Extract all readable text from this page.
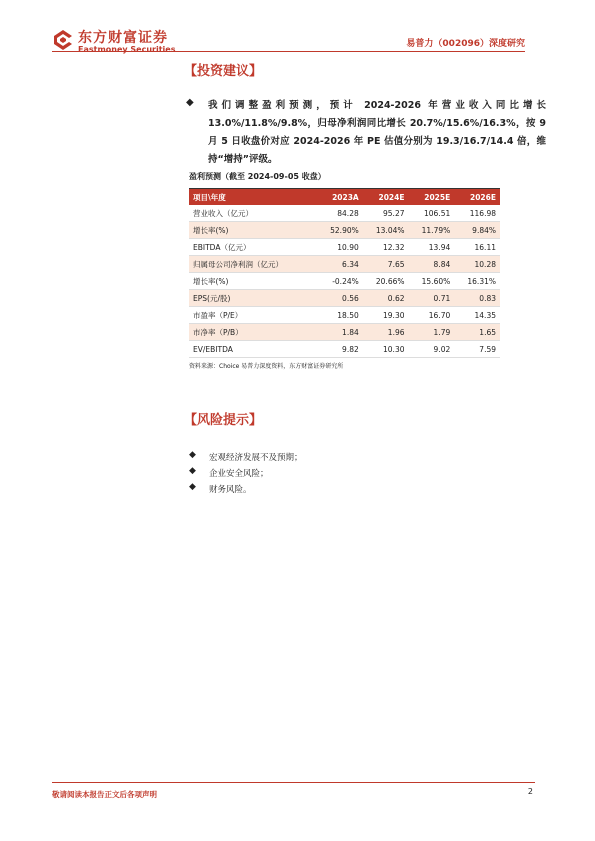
东方财富证券
Eastmoney Securities
易普力（002096）深度研究
【投资建议】
◆ 我们调整盈利预测，预计 2024-2026 年营业收入同比增长13.0%/11.8%/9.8%，归母净利润同比增长 20.7%/15.6%/16.3%，按 9 月 5 日收盘价对应 2024-2026 年 PE 估值分别为 19.3/16.7/14.4 倍，维持“增持”评级。
盈利预测（截至 2024-09-05 收盘）
项目\年度	2023A	2024E	2025E	2026E
营业收入（亿元）	84.28	95.27	106.51	116.98
增长率(%)	52.90%	13.04%	11.79%	9.84%
EBITDA（亿元）	10.90	12.32	13.94	16.11
归属母公司净利润（亿元）	6.34	7.65	8.84	10.28
增长率(%)	-0.24%	20.66%	15.60%	16.31%
EPS(元/股)	0.56	0.62	0.71	0.83
市盈率（P/E）	18.50	19.30	16.70	14.35
市净率（P/B）	1.84	1.96	1.79	1.65
EV/EBITDA	9.82	10.30	9.02	7.59
资料来源：Choice 易普力深度资料，东方财富证券研究所
【风险提示】
◆ 宏观经济发展不及预期；
◆ 企业安全风险；
◆ 财务风险。
敬请阅读本报告正文后各项声明	2
